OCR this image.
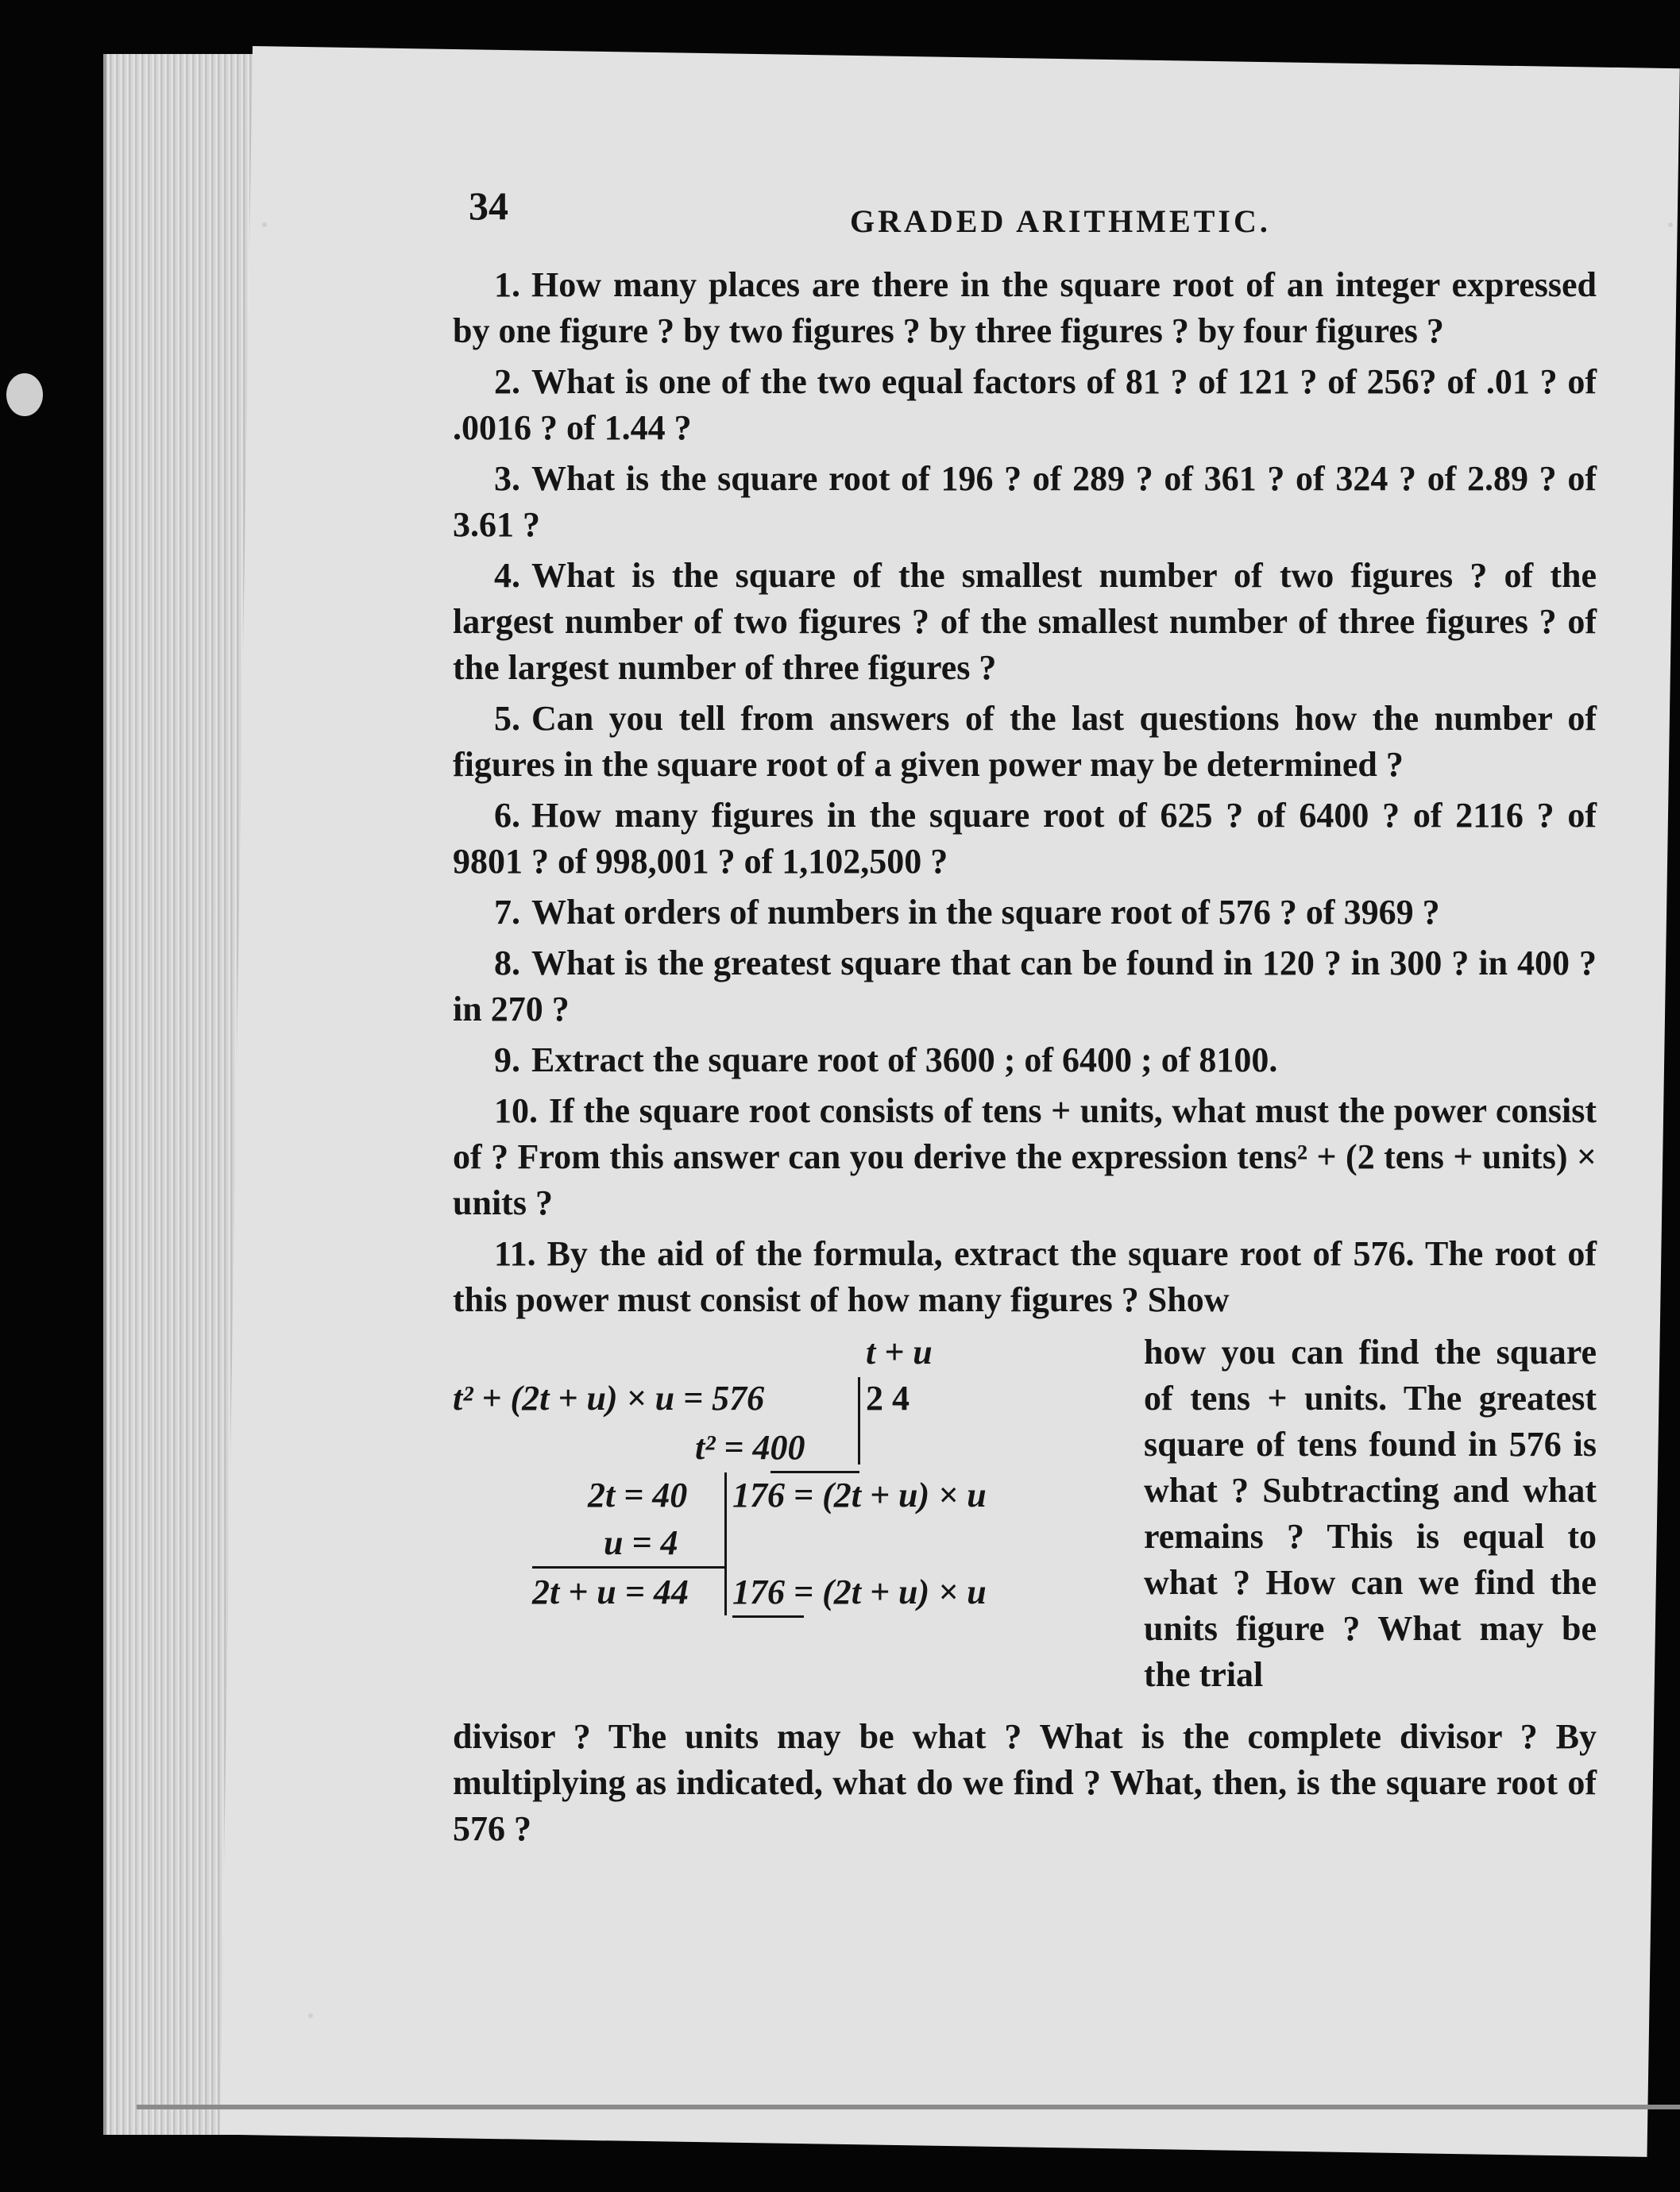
34	GRADED ARITHMETIC.

1. How many places are there in the square root of an integer expressed by one figure ? by two figures ? by three figures ? by four figures ?

2. What is one of the two equal factors of 81 ? of 121 ? of 256? of .01 ? of .0016 ? of 1.44 ?

3. What is the square root of 196 ? of 289 ? of 361 ? of 324 ? of 2.89 ? of 3.61 ?

4. What is the square of the smallest number of two figures ? of the largest number of two figures ? of the smallest number of three figures ? of the largest number of three figures ?

5. Can you tell from answers of the last questions how the number of figures in the square root of a given power may be determined ?

6. How many figures in the square root of 625 ? of 6400 ? of 2116 ? of 9801 ? of 998,001 ? of 1,102,500 ?

7. What orders of numbers in the square root of 576 ? of 3969 ?

8. What is the greatest square that can be found in 120 ? in 300 ? in 400 ? in 270 ?

9. Extract the square root of 3600 ; of 6400 ; of 8100.

10. If the square root consists of tens + units, what must the power consist of ? From this answer can you derive the expression tens² + (2 tens + units) × units ?

11. By the aid of the formula, extract the square root of 576. The root of this power must consist of how many figures ? Show

t + u
t² + (2t + u) × u = 576	2 4
t² = 400
2t = 40 176 = (2t + u) × u
u = 4
2t + u = 44 176 = (2t + u) × u
how you can find the square of tens + units. The greatest square of tens found in 576 is what ? Subtracting and what remains ? This is equal to what ? How can we find the units figure ? What may be the trial

divisor ? The units may be what ? What is the complete divisor ? By multiplying as indicated, what do we find ? What, then, is the square root of 576 ?
